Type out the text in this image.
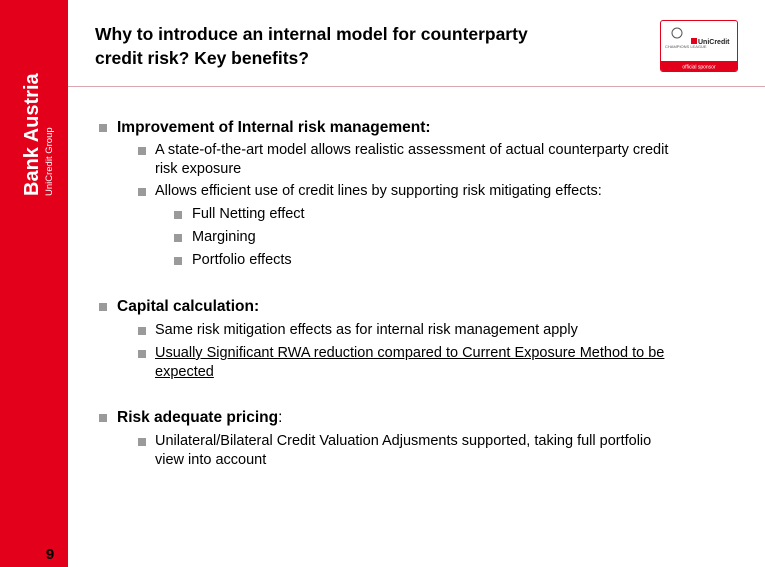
Bank Austria UniCredit Group
9
Why to introduce an internal model for counterparty
credit risk? Key benefits?
CHAMPIONS LEAGUE
UniCredit
official sponsor
Improvement of Internal risk management:
A state-of-the-art model allows realistic assessment of actual counterparty credit
risk exposure
Allows efficient use of credit lines by supporting risk mitigating effects:
Full Netting effect
Margining
Portfolio effects
Capital calculation:
Same risk mitigation effects as for internal risk management apply
Usually Significant RWA reduction compared to Current Exposure Method to be
expected
Risk adequate pricing:
Unilateral/Bilateral Credit Valuation Adjusments supported, taking full portfolio
view into account
